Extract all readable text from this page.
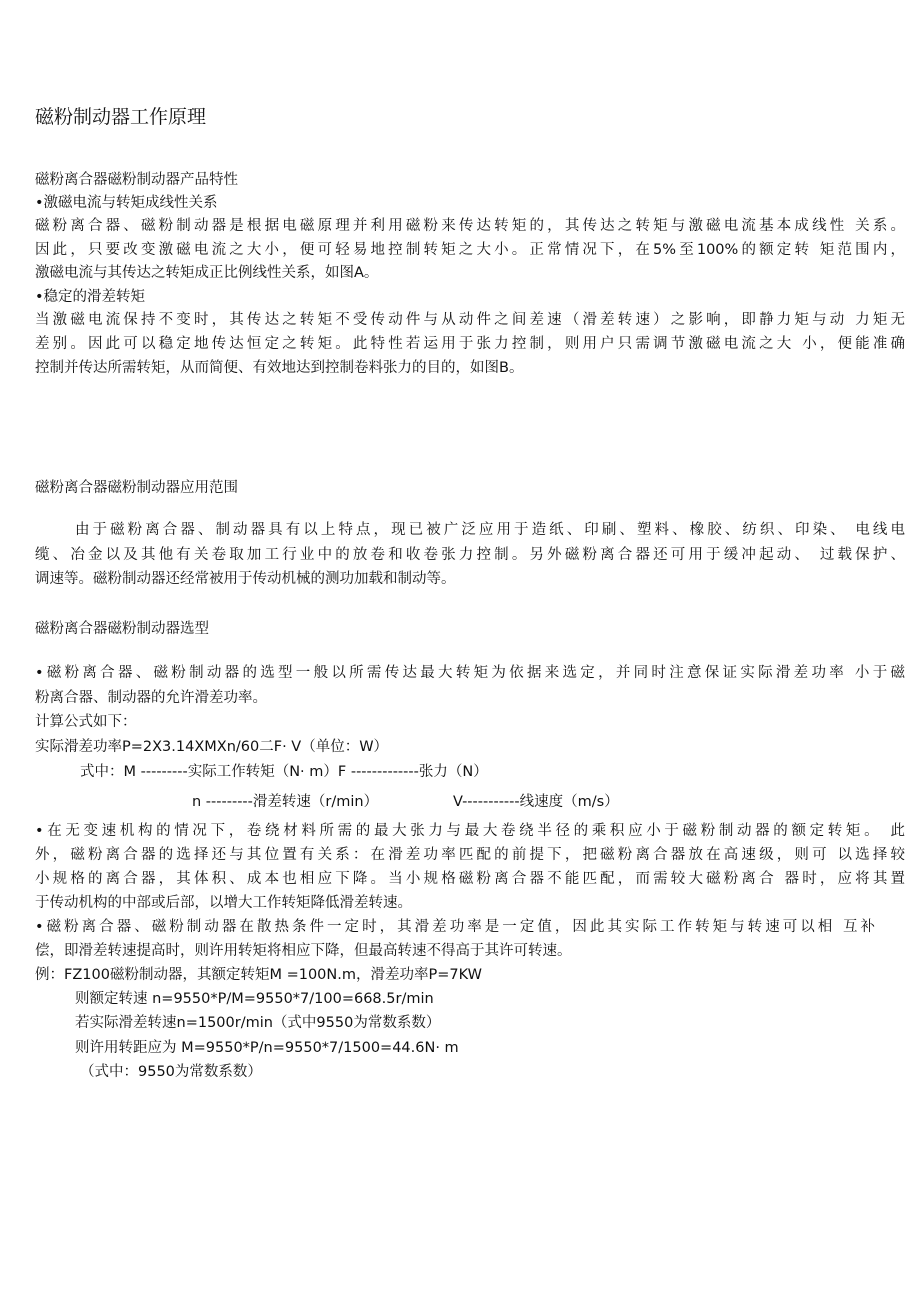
磁粉制动器工作原理
磁粉离合器磁粉制动器产品特性
•激磁电流与转矩成线性关系
磁粉离合器、磁粉制动器是根据电磁原理并利用磁粉来传达转矩的，其传达之转矩与激磁电流基本成线性 关系。
因此，只要改变激磁电流之大小，便可轻易地控制转矩之大小。正常情况下，在5%至100%的额定转 矩范围内，
激磁电流与其传达之转矩成正比例线性关系，如图A。
•稳定的滑差转矩
当激磁电流保持不变时，其传达之转矩不受传动件与从动件之间差速（滑差转速）之影响，即静力矩与动 力矩无
差别。因此可以稳定地传达恒定之转矩。此特性若运用于张力控制，则用户只需调节激磁电流之大 小，便能准确
控制并传达所需转矩，从而简便、有效地达到控制卷料张力的目的，如图B。
磁粉离合器磁粉制动器应用范围
由于磁粉离合器、制动器具有以上特点，现已被广泛应用于造纸、印刷、塑料、橡胶、纺织、印染、 电线电
缆、冶金以及其他有关卷取加工行业中的放卷和收卷张力控制。另外磁粉离合器还可用于缓冲起动、 过载保护、
调速等。磁粉制动器还经常被用于传动机械的测功加载和制动等。
磁粉离合器磁粉制动器选型
•磁粉离合器、磁粉制动器的选型一般以所需传达最大转矩为依据来选定，并同时注意保证实际滑差功率 小于磁
粉离合器、制动器的允许滑差功率。
计算公式如下：
实际滑差功率P=2X3.14XMXn/60二F· V（单位：W）
式中：M ---------实际工作转矩（N· m）F -------------张力（N）
n ---------滑差转速（r/min）	V-----------线速度（m/s）
•在无变速机构的情况下，卷绕材料所需的最大张力与最大卷绕半径的乘积应小于磁粉制动器的额定转矩。 此
外，磁粉离合器的选择还与其位置有关系：在滑差功率匹配的前提下，把磁粉离合器放在高速级，则可 以选择较
小规格的离合器，其体积、成本也相应下降。当小规格磁粉离合器不能匹配，而需较大磁粉离合 器时，应将其置
于传动机构的中部或后部，以增大工作转矩降低滑差转速。
•磁粉离合器、磁粉制动器在散热条件一定时，其滑差功率是一定值，因此其实际工作转矩与转速可以相 互补
偿，即滑差转速提高时，则许用转矩将相应下降，但最高转速不得高于其许可转速。
例：FZ100磁粉制动器，其额定转矩M =100N.m，滑差功率P=7KW
则额定转速 n=9550*P/M=9550*7/100=668.5r/min
若实际滑差转速n=1500r/min（式中9550为常数系数）
则许用转距应为 M=9550*P/n=9550*7/1500=44.6N· m
（式中：9550为常数系数）
